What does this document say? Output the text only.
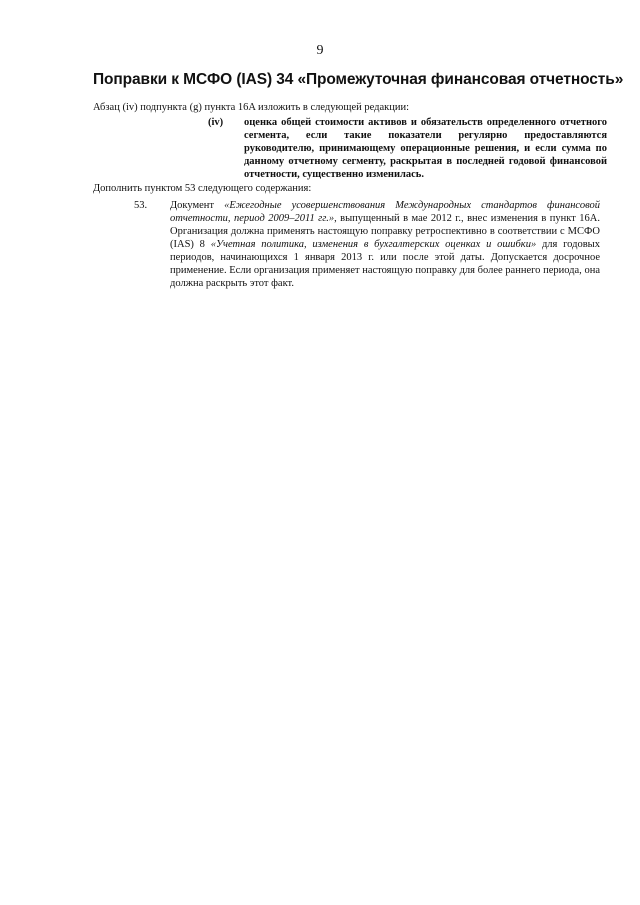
9
Поправки к МСФО (IAS) 34 «Промежуточная финансовая отчетность»
Абзац (iv) подпункта (g) пункта 16A изложить в следующей редакции:
(iv) оценка общей стоимости активов и обязательств определенного отчетного сегмента, если такие показатели регулярно предоставляются руководителю, принимающему операционные решения, и если сумма по данному отчетному сегменту, раскрытая в последней годовой финансовой отчетности, существенно изменилась.
Дополнить пунктом 53 следующего содержания:
53. Документ «Ежегодные усовершенствования Международных стандартов финансовой отчетности, период 2009–2011 гг.», выпущенный в мае 2012 г., внес изменения в пункт 16A. Организация должна применять настоящую поправку ретроспективно в соответствии с МСФО (IAS) 8 «Учетная политика, изменения в бухгалтерских оценках и ошибки» для годовых периодов, начинающихся 1 января 2013 г. или после этой даты. Допускается досрочное применение. Если организация применяет настоящую поправку для более раннего периода, она должна раскрыть этот факт.
